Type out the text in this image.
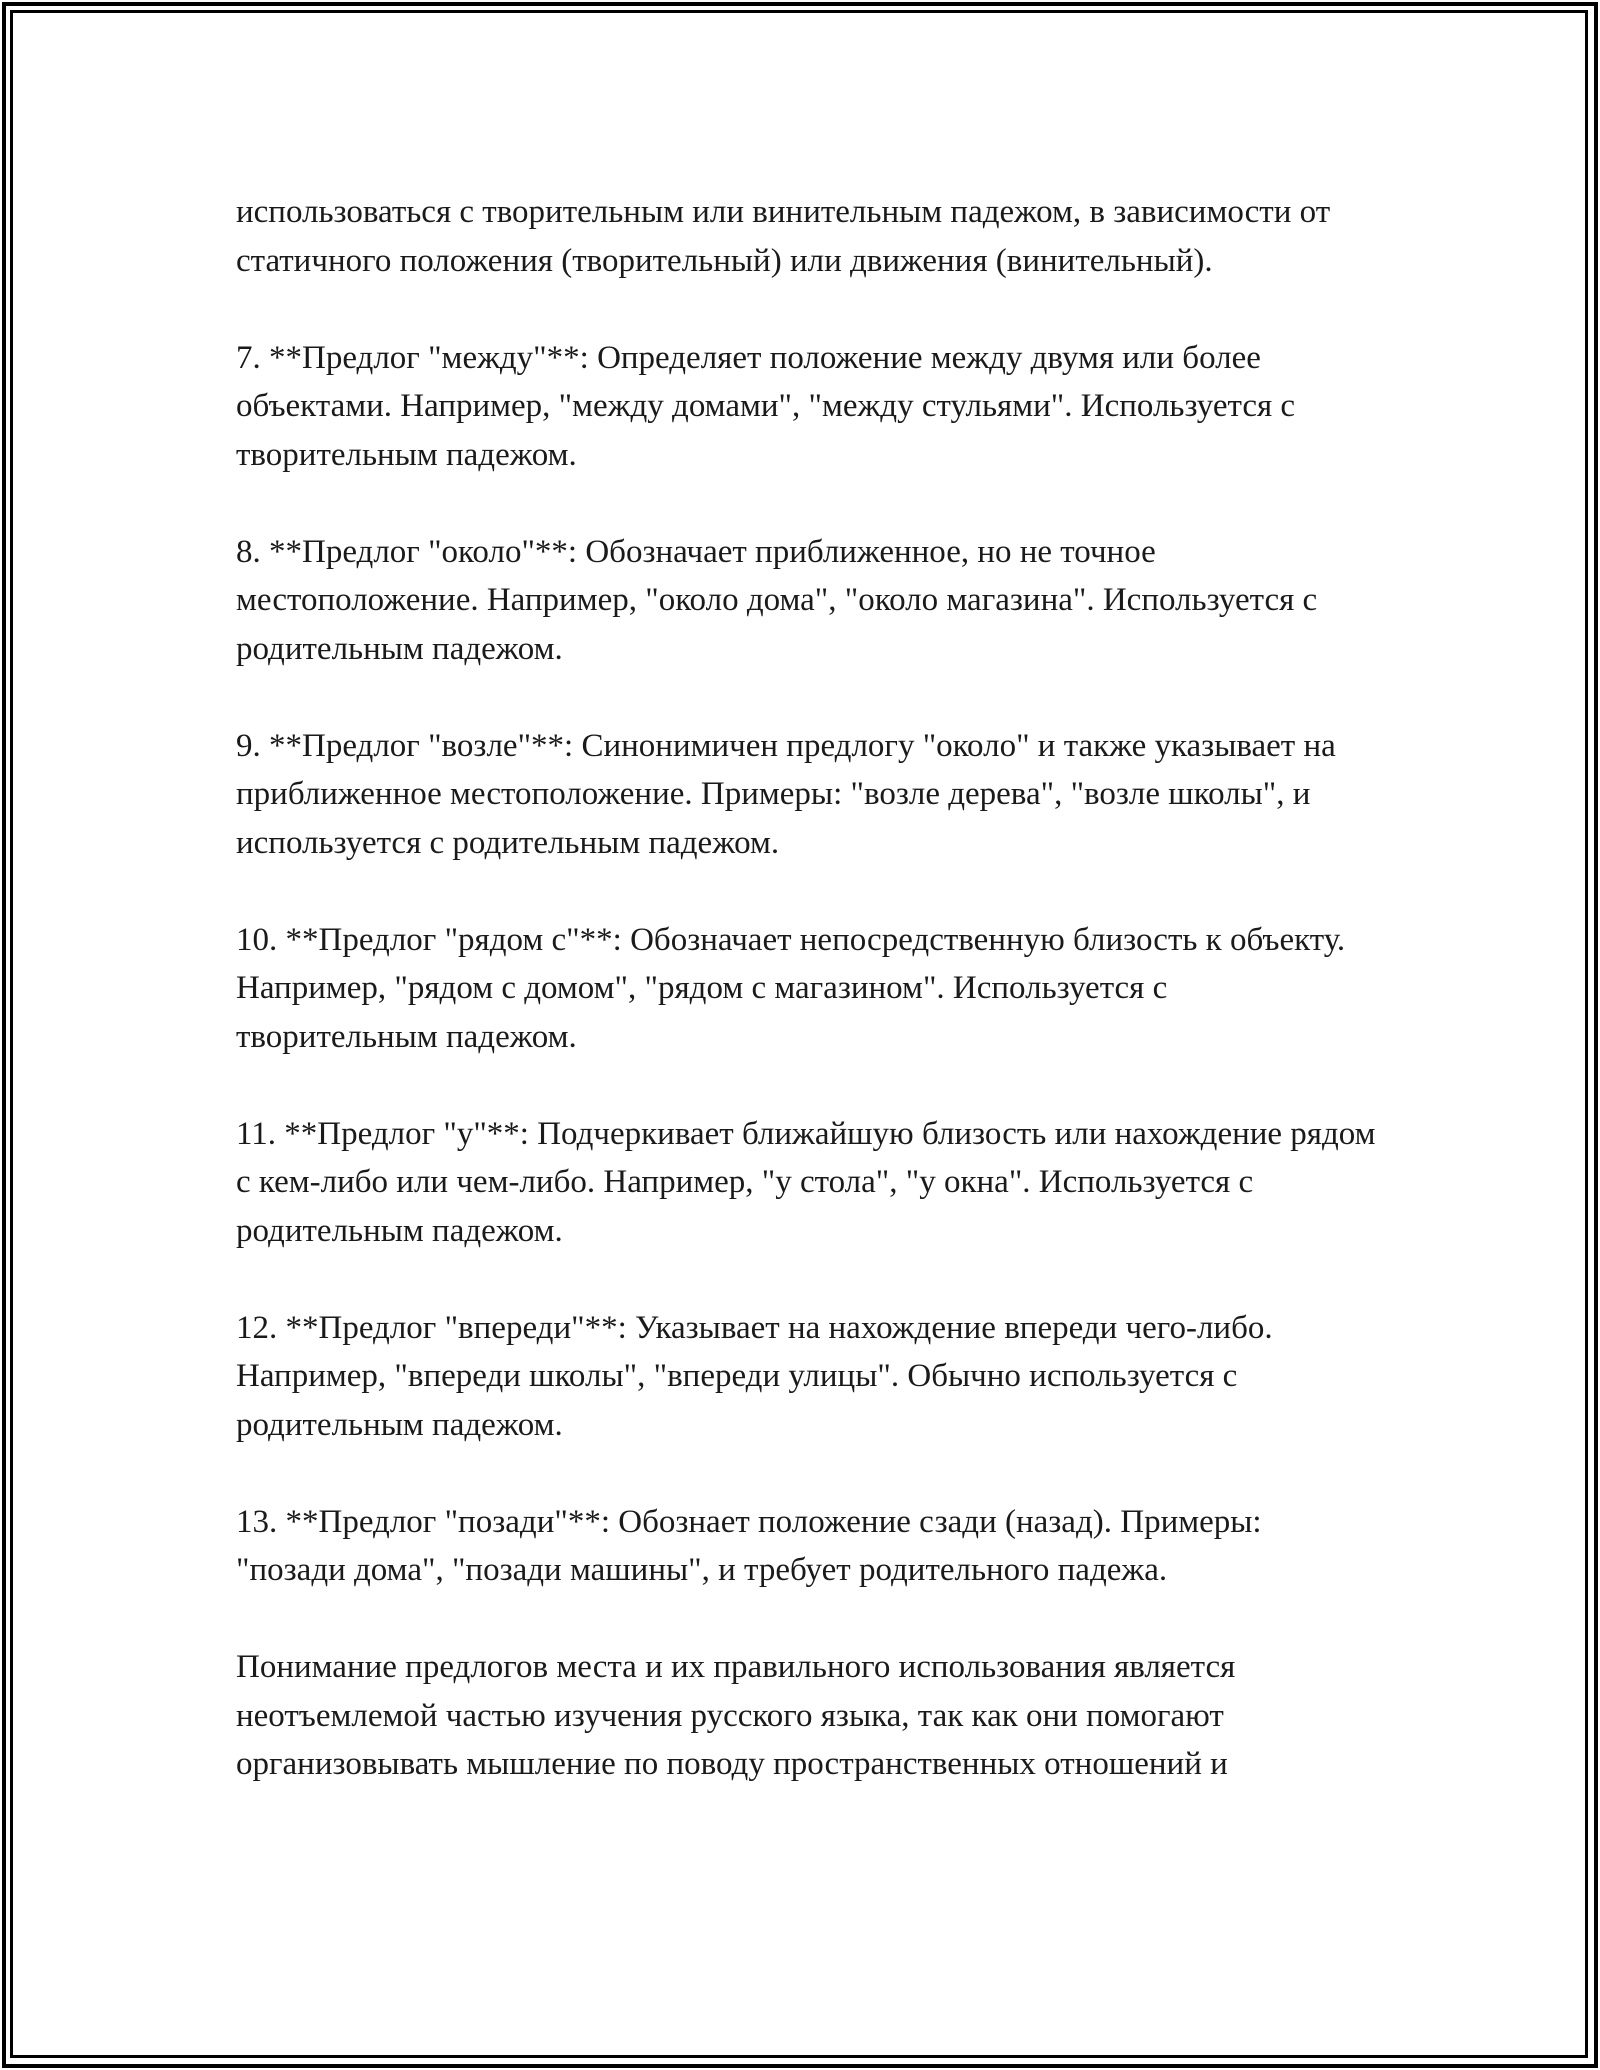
использоваться с творительным или винительным падежом, в зависимости от статичного положения (творительный) или движения (винительный).

7. **Предлог "между"**: Определяет положение между двумя или более объектами. Например, "между домами", "между стульями". Используется с творительным падежом.

8. **Предлог "около"**: Обозначает приближенное, но не точное местоположение. Например, "около дома", "около магазина". Используется с родительным падежом.

9. **Предлог "возле"**: Синонимичен предлогу "около" и также указывает на приближенное местоположение. Примеры: "возле дерева", "возле школы", и используется с родительным падежом.

10. **Предлог "рядом с"**: Обозначает непосредственную близость к объекту. Например, "рядом с домом", "рядом с магазином". Используется с творительным падежом.

11. **Предлог "у"**: Подчеркивает ближайшую близость или нахождение рядом с кем-либо или чем-либо. Например, "у стола", "у окна". Используется с родительным падежом.

12. **Предлог "впереди"**: Указывает на нахождение впереди чего-либо. Например, "впереди школы", "впереди улицы". Обычно используется с родительным падежом.

13. **Предлог "позади"**: Обознает положение сзади (назад). Примеры: "позади дома", "позади машины", и требует родительного падежа.

Понимание предлогов места и их правильного использования является неотъемлемой частью изучения русского языка, так как они помогают организовывать мышление по поводу пространственных отношений и
